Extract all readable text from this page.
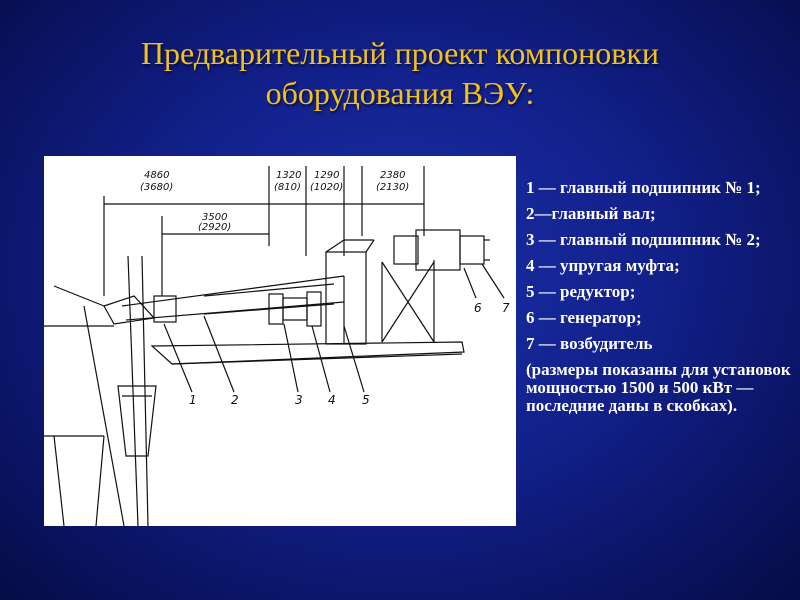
Предварительный проект компоновки
оборудования ВЭУ:
4860
(3680)
3500
(2920)
1320
(810)
1290
(1020)
2380
(2130)
1	2	3 4 5
6 7
1 — главный подшипник № 1;
2—главный вал;
3 — главный подшипник № 2;
4 — упругая муфта;
5 — редуктор;
6 — генератор;
7 — возбудитель
(размеры показаны для установок мощностью 1500 и 500 кВт — последние даны в скобках).
